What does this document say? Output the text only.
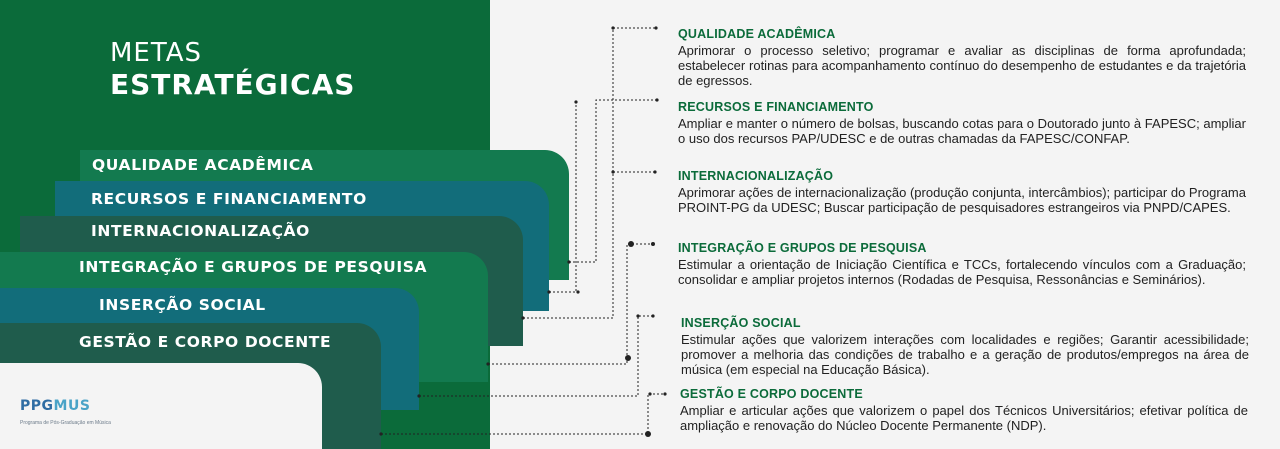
METAS
ESTRATÉGICAS
QUALIDADE ACADÊMICA
RECURSOS E FINANCIAMENTO
INTERNACIONALIZAÇÃO
INTEGRAÇÃO E GRUPOS DE PESQUISA
INSERÇÃO SOCIAL
GESTÃO E CORPO DOCENTE
PPGMUS
Programa de Pós-Graduação em Música
QUALIDADE ACADÊMICA
Aprimorar o processo seletivo; programar e avaliar as disciplinas de forma aprofundada; estabelecer rotinas para acompanhamento contínuo do desempenho de estudantes e da trajetória de egressos.
RECURSOS E FINANCIAMENTO
Ampliar e manter o número de bolsas, buscando cotas para o Doutorado junto à FAPESC; ampliar o uso dos recursos PAP/UDESC e de outras chamadas da FAPESC/CONFAP.
INTERNACIONALIZAÇÃO
Aprimorar ações de internacionalização (produção conjunta, intercâmbios); participar do Programa PROINT-PG da UDESC; Buscar participação de pesquisadores estrangeiros via PNPD/CAPES.
INTEGRAÇÃO E GRUPOS DE PESQUISA
Estimular a orientação de Iniciação Científica e TCCs, fortalecendo vínculos com a Graduação; consolidar e ampliar projetos internos (Rodadas de Pesquisa, Ressonâncias e Seminários).
INSERÇÃO SOCIAL
Estimular ações que valorizem interações com localidades e regiões; Garantir acessibilidade; promover a melhoria das condições de trabalho e a geração de produtos/empregos na área de música (em especial na Educação Básica).
GESTÃO E CORPO DOCENTE
Ampliar e articular ações que valorizem o papel dos Técnicos Universitários; efetivar política de ampliação e renovação do Núcleo Docente Permanente (NDP).
